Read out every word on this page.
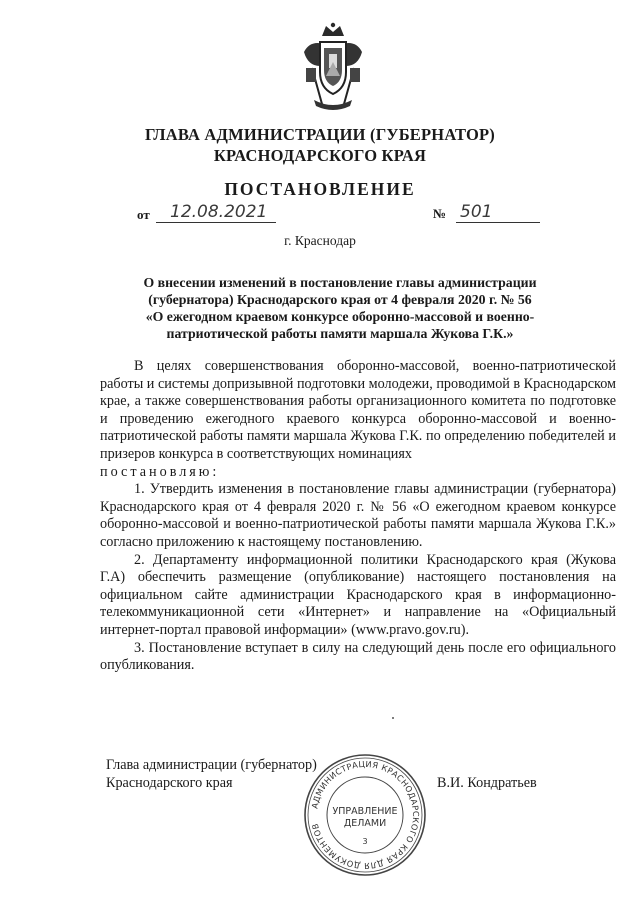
ГЛАВА АДМИНИСТРАЦИИ (ГУБЕРНАТОР)
КРАСНОДАРСКОГО КРАЯ
ПОСТАНОВЛЕНИЕ
от 12.08.2021	№ 501
г. Краснодар
О внесении изменений в постановление главы администрации
(губернатора) Краснодарского края от 4 февраля 2020 г. № 56
«О ежегодном краевом конкурсе оборонно-массовой и военно-
патриотической работы памяти маршала Жукова Г.К.»

В целях совершенствования оборонно-массовой, военно-патриотической работы и системы допризывной подготовки молодежи, проводимой в Краснодарском крае, а также совершенствования работы организационного комитета по подготовке и проведению ежегодного краевого конкурса оборонно-массовой и военно-патриотической работы памяти маршала Жукова Г.К. по определению победителей и призеров конкурса в соответствующих номинациях

постановляю:

1. Утвердить изменения в постановление главы администрации (губернатора) Краснодарского края от 4 февраля 2020 г. № 56 «О ежегодном краевом конкурсе оборонно-массовой и военно-патриотической работы памяти маршала Жукова Г.К.» согласно приложению к настоящему постановлению.

2. Департаменту информационной политики Краснодарского края (Жукова Г.А) обеспечить размещение (опубликование) настоящего постановления на официальном сайте администрации Краснодарского края в информационно-телекоммуникационной сети «Интернет» и направление на «Официальный интернет-портал правовой информации» (www.pravo.gov.ru).

3. Постановление вступает в силу на следующий день после его официального опубликования.

Глава администрации (губернатор)
Краснодарского края	В.И. Кондратьев
АДМИНИСТРАЦИЯ КРАСНОДАРСКОГО КРАЯ ДЛЯ ДОКУМЕНТОВ
УПРАВЛЕНИЕ
ДЕЛАМИ
3
